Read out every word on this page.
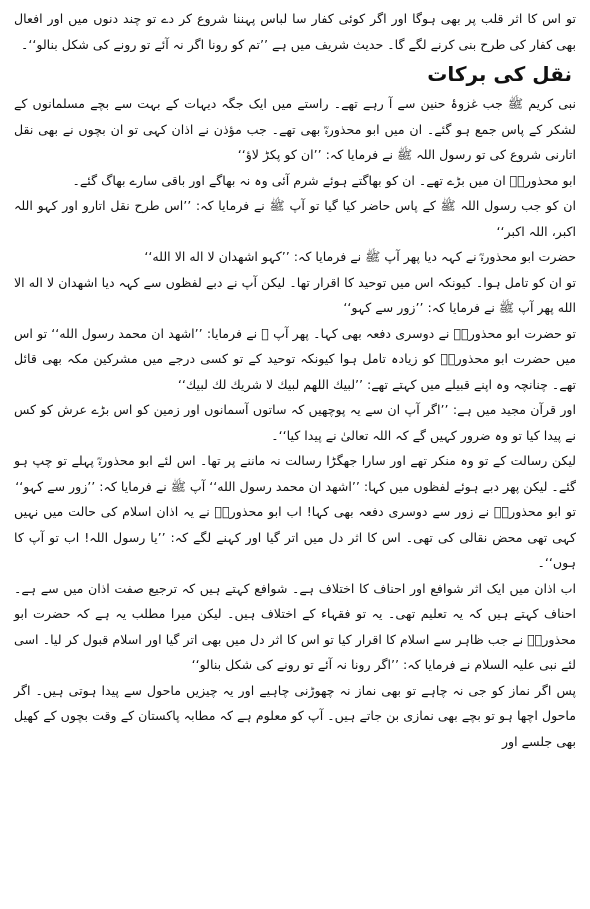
تو اس کا اثر قلب پر بھی ہوگا اور اگر کوئی کفار سا لباس پہننا شروع کر دے تو چند دنوں میں اور افعال بھی کفار کی طرح بنی کرنے لگے گا۔ حدیث شریف میں ہے ’’تم کو رونا اگر نہ آئے تو رونے کی شکل بنالو‘‘۔

نقل کی برکات

نبی کریم ﷺ جب غزوۂ حنین سے آ رہے تھے۔ راستے میں ایک جگہ دیہات کے بہت سے بچے مسلمانوں کے لشکر کے پاس جمع ہو گئے۔ ان میں ابو محذورہؓ بھی تھے۔ جب مؤذن نے اذان کہی تو ان بچوں نے بھی نقل اتارنی شروع کی تو رسول اللہ ﷺ نے فرمایا کہ: ’’ان کو پکڑ لاؤ‘‘

ابو محذورہؓ ان میں بڑے تھے۔ ان کو بھاگتے ہوئے شرم آئی وہ نہ بھاگے اور باقی سارے بھاگ گئے۔

ان کو جب رسول اللہ ﷺ کے پاس حاضر کیا گیا تو آپ ﷺ نے فرمایا کہ: ’’اس طرح نقل اتارو اور کہو اللہ اکبر، اللہ اکبر‘‘

حضرت ابو محذورہؓ نے کہہ دیا پھر آپ ﷺ نے فرمایا کہ: ’’کہو اشهدان لا اله الا الله‘‘

تو ان کو تامل ہوا۔ کیونکہ اس میں توحید کا اقرار تھا۔ لیکن آپ نے دبے لفظوں سے کہہ دیا اشهدان لا اله الا الله پھر آپ ﷺ نے فرمایا کہ: ’’زور سے کہو‘‘

تو حضرت ابو محذورہؓ نے دوسری دفعہ بھی کہا۔ پھر آپ ﷺ نے فرمایا: ’’اشهد ان محمد رسول الله‘‘ تو اس میں حضرت ابو محذورہؓ کو زیادہ تامل ہوا کیونکہ توحید کے تو کسی درجے میں مشرکین مکہ بھی قائل تھے۔ چنانچہ وہ اپنے قبیلے میں کہتے تھے: ’’لبيك اللهم لبيك لا شريك لك لبيك‘‘

اور قرآن مجید میں ہے: ’’اگر آپ ان سے یہ پوچھیں کہ ساتوں آسمانوں اور زمین کو اس بڑے عرش کو کس نے پیدا کیا تو وہ ضرور کہیں گے کہ اللہ تعالیٰ نے پیدا کیا‘‘۔

لیکن رسالت کے تو وہ منکر تھے اور سارا جھگڑا رسالت نہ ماننے پر تھا۔ اس لئے ابو محذورہؓ پہلے تو چپ ہو گئے۔ لیکن پھر دبے ہوئے لفظوں میں کہا: ’’اشهد ان محمد رسول الله‘‘ آپ ﷺ نے فرمایا کہ: ’’زور سے کہو‘‘

تو ابو محذورہؓ نے زور سے دوسری دفعہ بھی کہا! اب ابو محذورہؓ نے یہ اذان اسلام کی حالت میں نہیں کہی تھی محض نقالی کی تھی۔ اس کا اثر دل میں اتر گیا اور کہنے لگے کہ: ’’یا رسول اللہ! اب تو آپ کا ہوں‘‘۔

اب اذان میں ایک اثر شوافع اور احناف کا اختلاف ہے۔ شوافع کہتے ہیں کہ ترجیع صفت اذان میں سے ہے۔ احناف کہتے ہیں کہ یہ تعلیم تھی۔ یہ تو فقہاء کے اختلاف ہیں۔ لیکن میرا مطلب یہ ہے کہ حضرت ابو محذورہؓ نے جب ظاہر سے اسلام کا اقرار کیا تو اس کا اثر دل میں بھی اتر گیا اور اسلام قبول کر لیا۔ اسی لئے نبی علیہ السلام نے فرمایا کہ: ’’اگر رونا نہ آئے تو رونے کی شکل بنالو‘‘

پس اگر نماز کو جی نہ چاہے تو بھی نماز نہ چھوڑنی چاہیے اور یہ چیزیں ماحول سے پیدا ہوتی ہیں۔ اگر ماحول اچھا ہو تو بچے بھی نمازی بن جاتے ہیں۔ آپ کو معلوم ہے کہ مطابہ پاکستان کے وقت بچوں کے کھیل بھی جلسے اور
